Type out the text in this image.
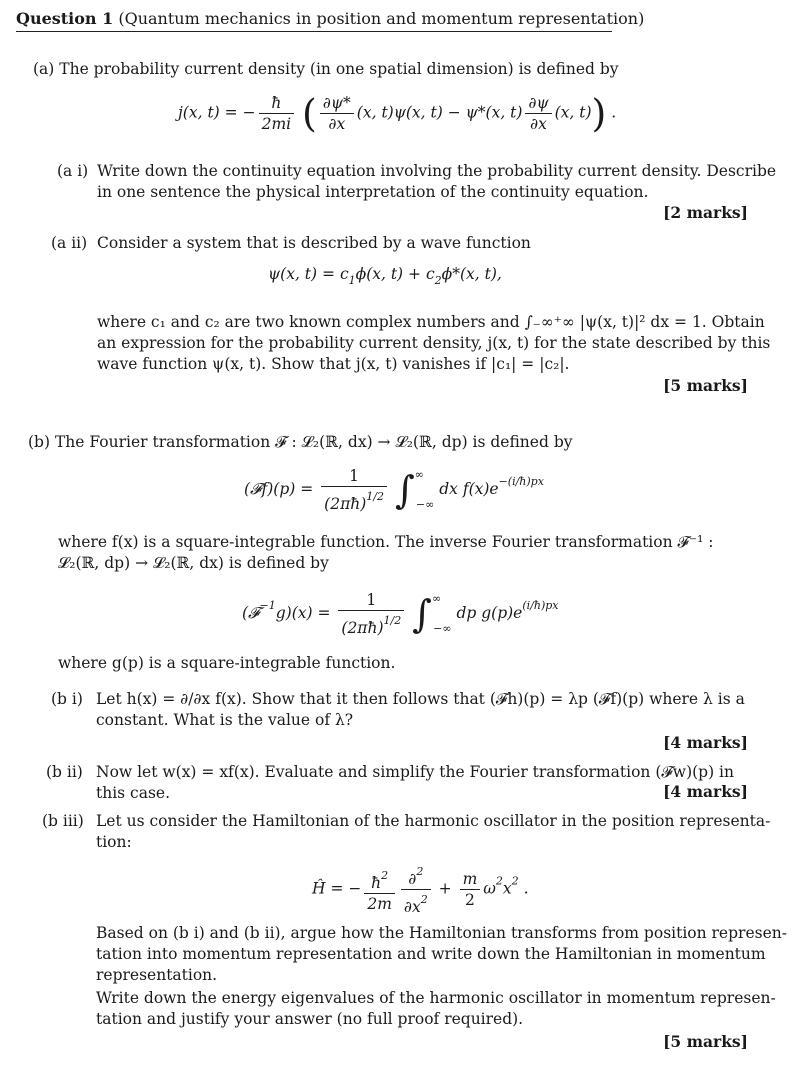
Question 1 (Quantum mechanics in position and momentum representation)
(a) The probability current density (in one spatial dimension) is defined by
j(x, t) = − $\frac{ħ}{2mi}$ ( $\frac{\partial\psi*}{\partial x} (x$, t)ψ(x, t) − ψ*(x, $t) \frac{\partial\psi}{\partial x} (x$, t)) .
(a i) Write down the continuity equation involving the probability current density. Describe
in one sentence the physical interpretation of the continuity equation.
[2 marks]
(a ii) Consider a system that is described by a wave function
ψ(x, $t) = c_1\phi(x$, $t) + c_2\phi*(x$, t),
where c₁ and c₂ are two known complex numbers and ∫₋∞⁺∞ |ψ(x, t)|² dx = 1. Obtain
an expression for the probability current density, j(x, t) for the state described by this
wave function ψ(x, t). Show that j(x, t) vanishes if |c₁| = |c₂|.
[5 marks]
(b) The Fourier transformation 𝓕 : 𝓛₂(ℝ, dx) → 𝓛₂(ℝ, dp) is defined by
(𝓕f)(p) = $\frac{1}{(2\pi ħ)^{1/2}} \int^\infty_{-\infty}$ dx $f(x)e^{-(i/ħ)px}$
where f(x) is a square-integrable function. The inverse Fourier transformation 𝓕⁻¹ :
𝓛₂(ℝ, dp) → 𝓛₂(ℝ, dx) is defined by
(𝓕$^{-1}$g)(x) = $\frac{1}{(2\pi ħ)^{1/2}} \int^\infty_{-\infty}$ dp $g(p)e^{(i/ħ)px}$
where g(p) is a square-integrable function.
(b i) Let h(x) = ∂/∂x f(x). Show that it then follows that (𝓕h)(p) = λp (𝓕f)(p) where λ is a
constant. What is the value of λ?
[4 marks]
(b ii) Now let w(x) = xf(x). Evaluate and simplify the Fourier transformation (𝓕w)(p) in
this case.	[4 marks]
(b iii) Let us consider the Hamiltonian of the harmonic oscillator in the position representa-
tion:
Ĥ = − $\frac{ħ^2}{2m} \frac{\partial^2}{\partial x^2} + \frac{m}{2} \omega^2x^2$ .
Based on (b i) and (b ii), argue how the Hamiltonian transforms from position represen-
tation into momentum representation and write down the Hamiltonian in momentum
representation.
Write down the energy eigenvalues of the harmonic oscillator in momentum represen-
tation and justify your answer (no full proof required).
[5 marks]
